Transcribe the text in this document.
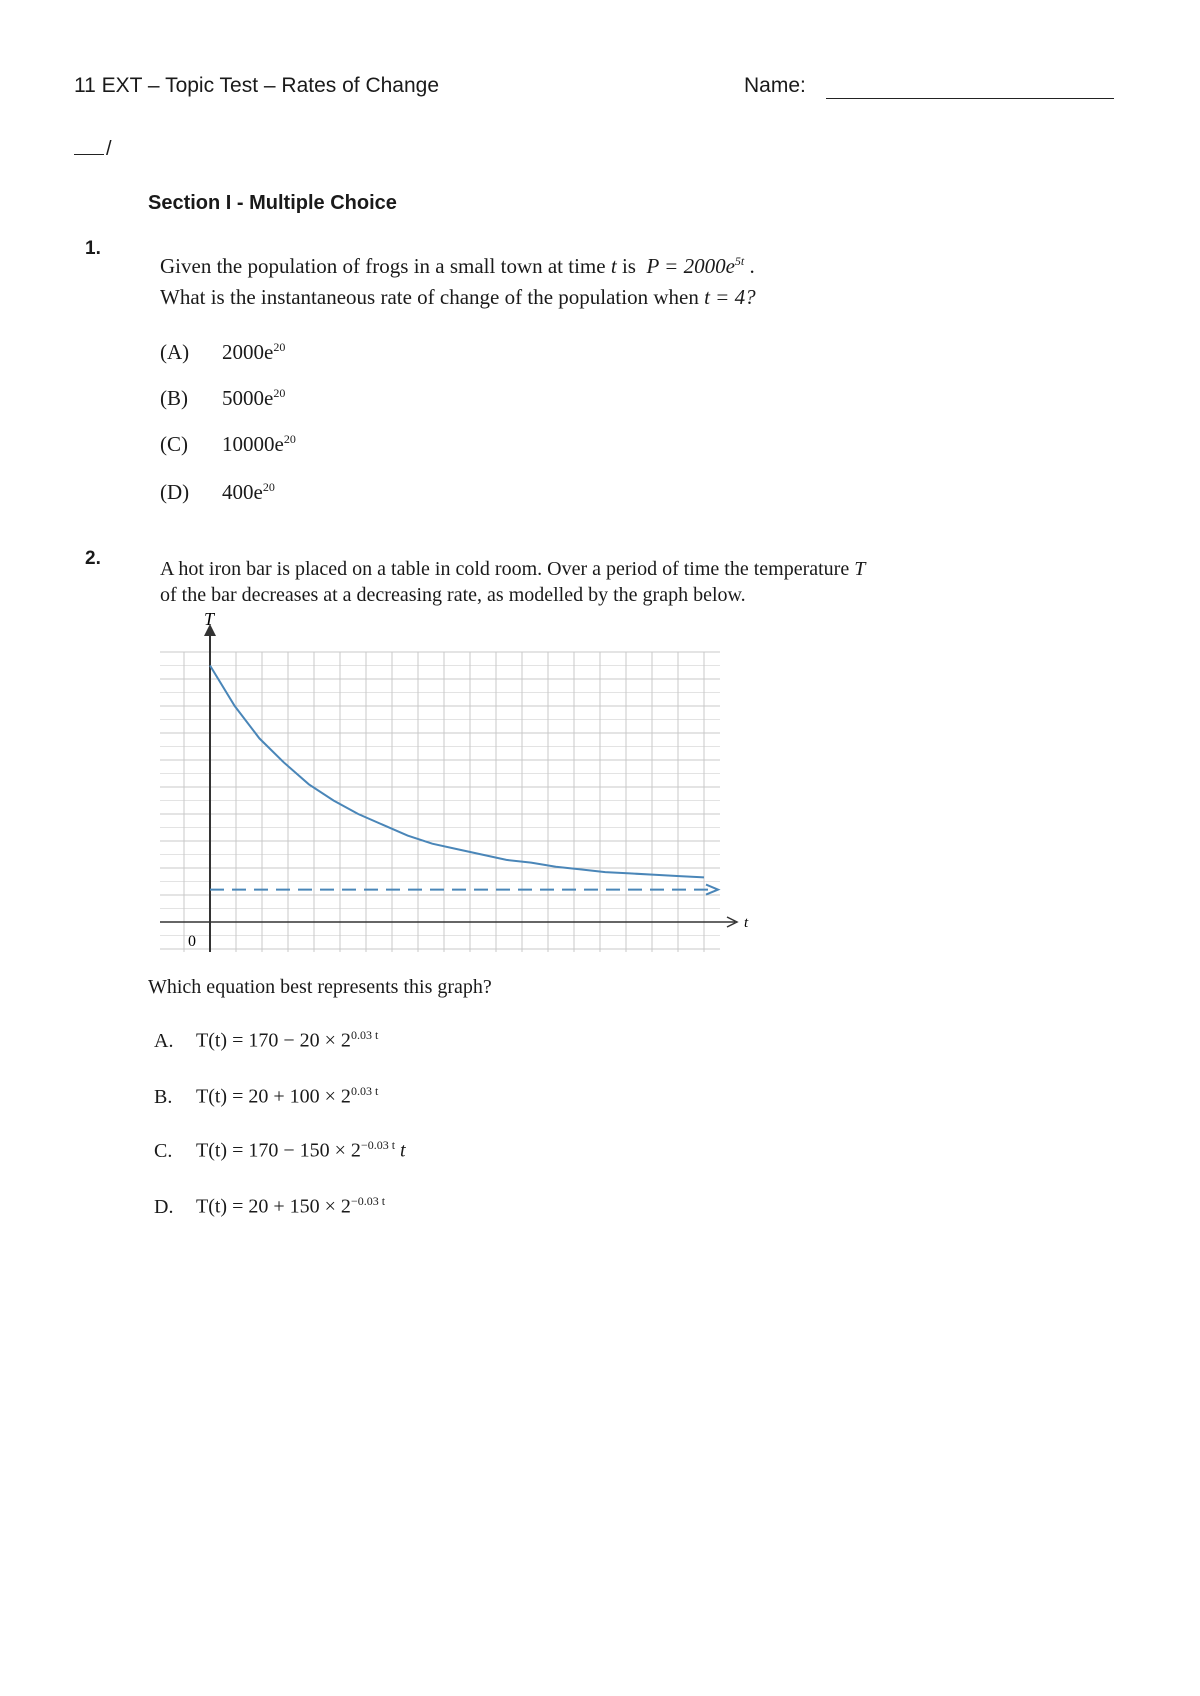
11 EXT – Topic Test – Rates of Change	Name:
/
Section I - Multiple Choice
1.
Given the population of frogs in a small town at time t is $P = 2000e^{5t}$ .
What is the instantaneous rate of change of the population when t = 4?
(A) $2000e^{20}$
(B) $5000e^{20}$
(C) $10000e^{20}$
(D) $400e^{20}$
2.	A hot iron bar is placed on a table in cold room. Over a period of time the temperature T
of the bar decreases at a decreasing rate, as modelled by the graph below.
T
t
0
Which equation best represents this graph?
A. $T(t) = 170 - 20 \times 2^{0.03 t}$
B. $T(t) = 20 + 100 \times 2^{0.03 t}$
C. $T(t) = 170 - 150 \times 2^{-0.03 t}$ t
D. $T(t) = 20 + 150 \times 2^{-0.03 t}$
